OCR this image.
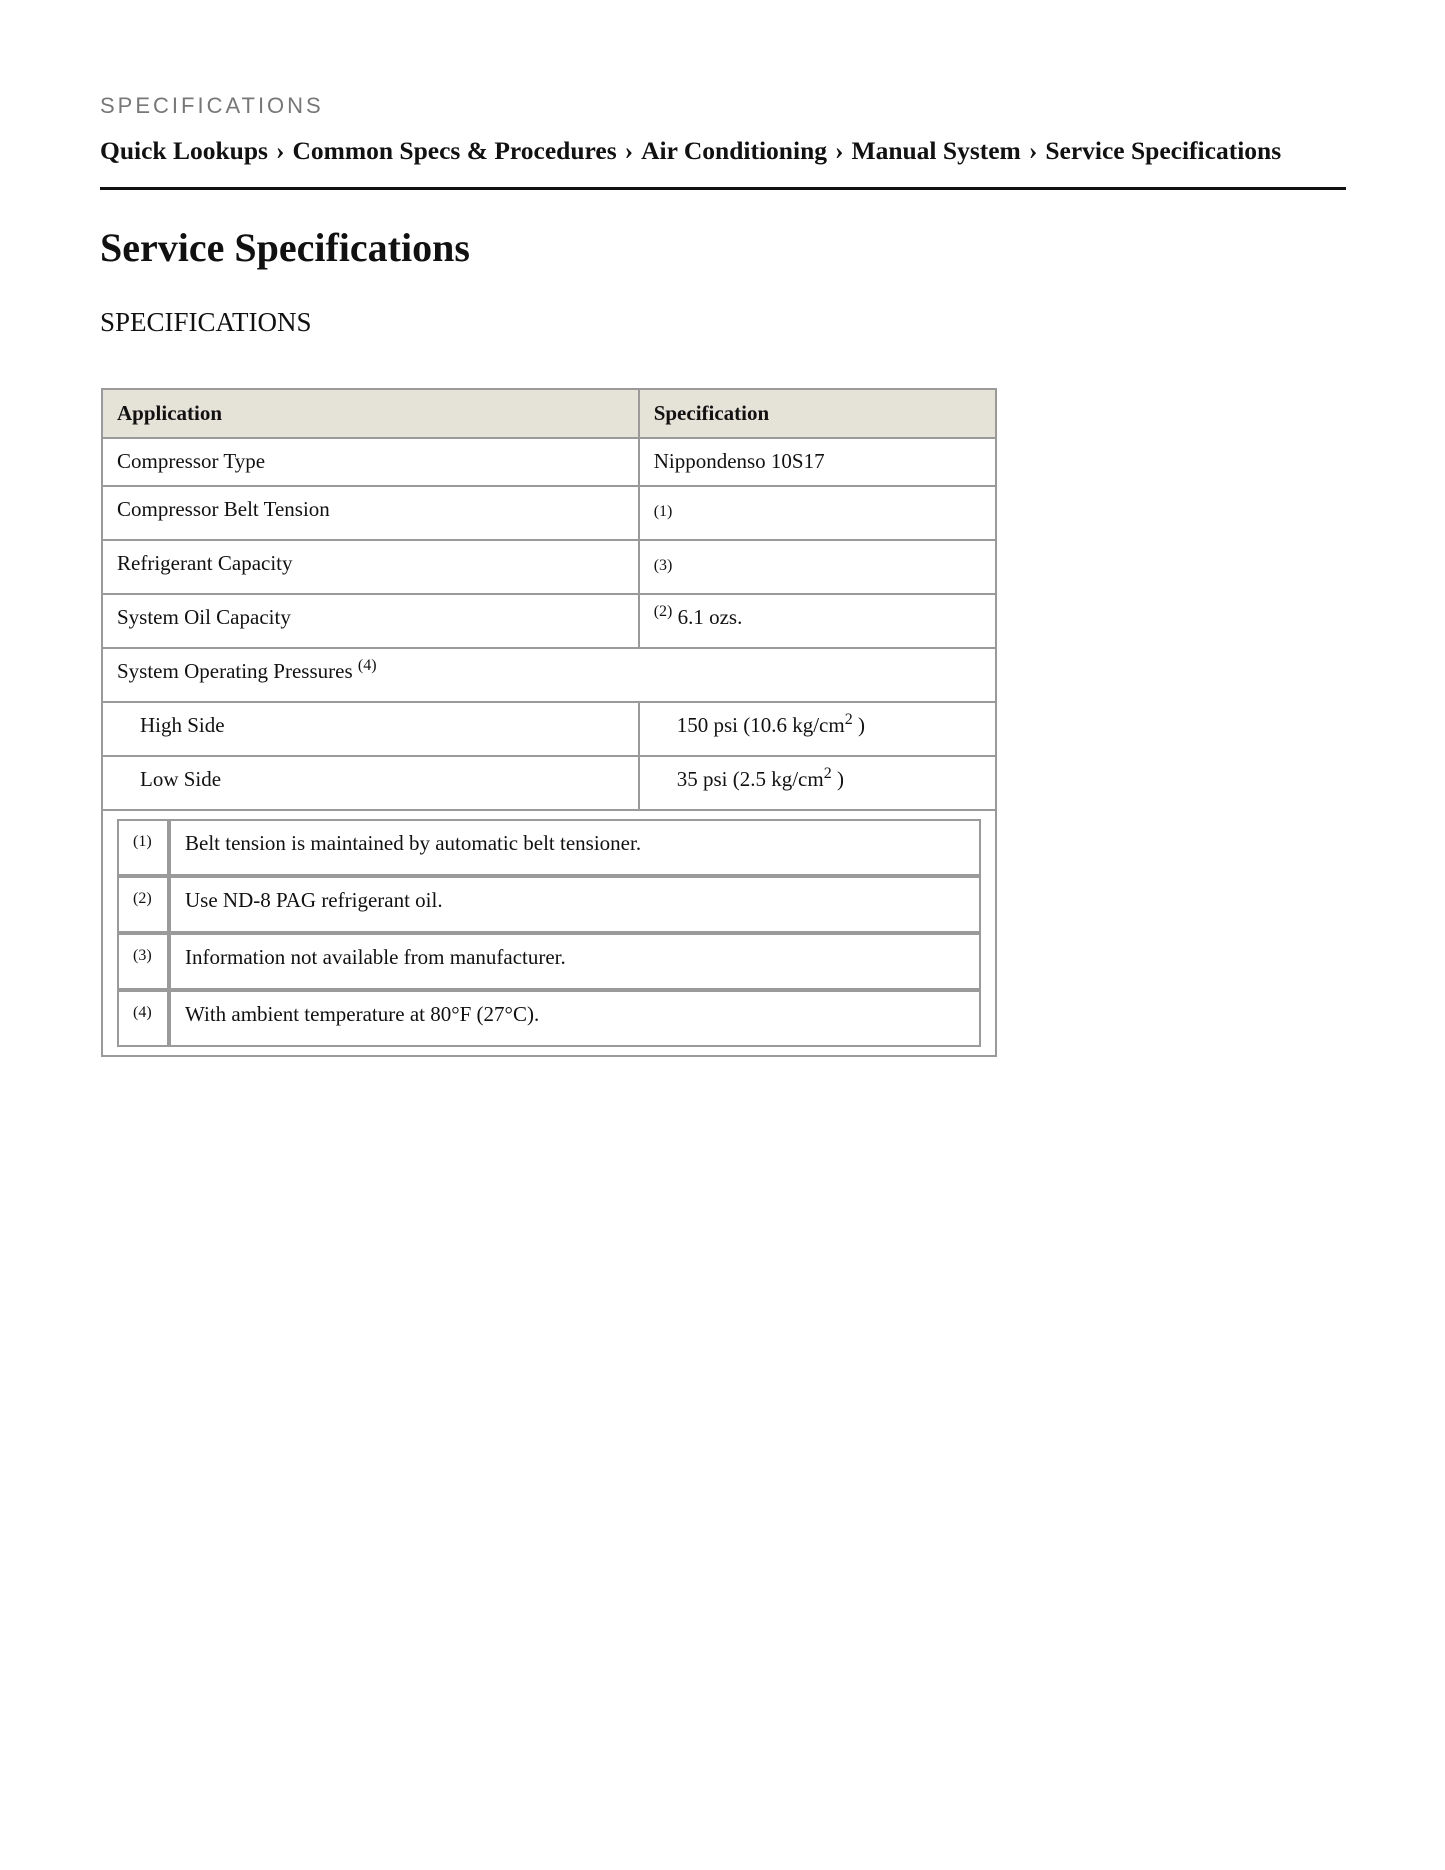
SPECIFICATIONS
Quick Lookups › Common Specs & Procedures › Air Conditioning › Manual System › Service Specifications
Service Specifications
SPECIFICATIONS
Application	Specification
Compressor Type	Nippondenso 10S17
Compressor Belt Tension	(1)
Refrigerant Capacity	(3)
System Oil Capacity	$^{(2)}$ 6.1 ozs.
System Operating Pressures $^{(4)}$
High Side	150 psi (10.6 $kg/cm^2$ )
Low Side	35 psi (2.5 $kg/cm^2$ )

(1)	Belt tension is maintained by automatic belt tensioner.
(2)	Use ND-8 PAG refrigerant oil.
(3)	Information not available from manufacturer.
(4)	With ambient temperature at 80°F (27°C).
